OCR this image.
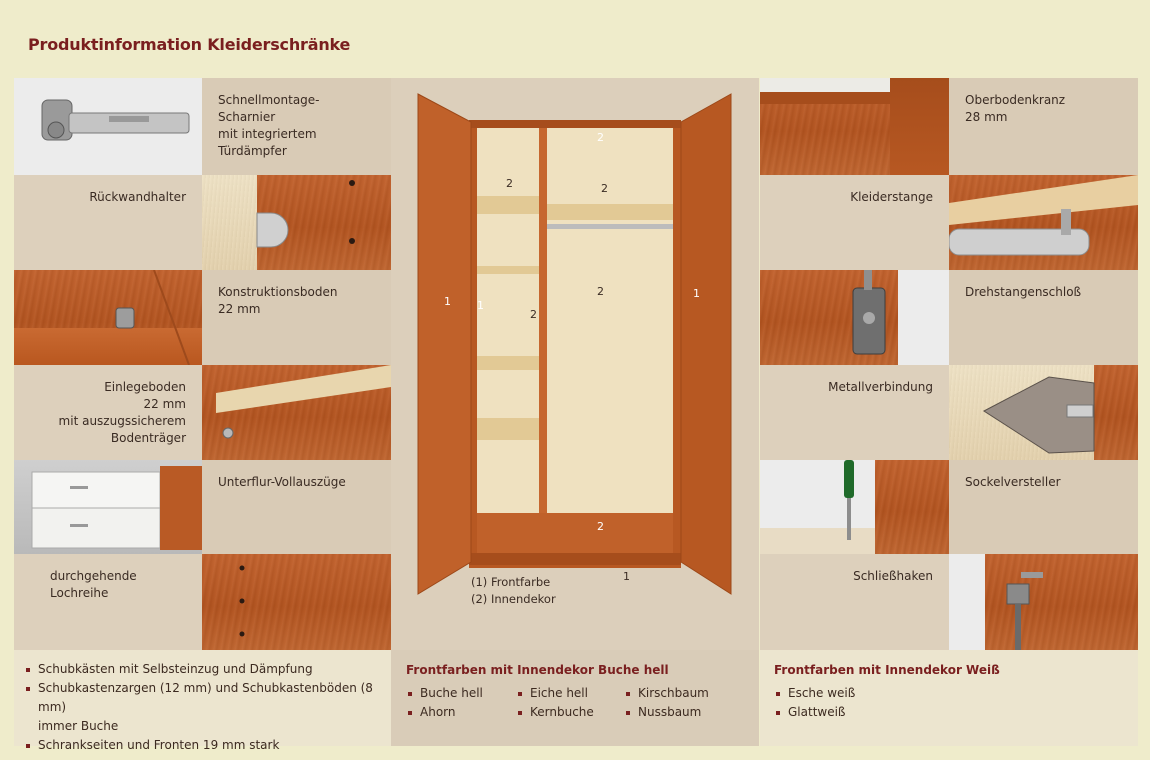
Produktinformation Kleiderschränke
Schnellmontage-Scharnier
mit integriertem Türdämpfer
Rückwandhalter
Konstruktionsboden
22 mm
Einlegeboden
22 mm
mit auszugssicherem
Bodenträger
Unterflur-Vollauszüge
durchgehende Lochreihe
2
2	2
1 1
2
2	1
2
1
(1) Frontfarbe
(2) Innendekor
Oberbodenkranz
28 mm
Kleiderstange
Drehstangenschloß
Metallverbindung
Sockelversteller
Schließhaken
Schubkästen mit Selbsteinzug und Dämpfung
Schubkastenzargen (12 mm) und Schubkastenböden (8 mm)
immer Buche
Schrankseiten und Fronten 19 mm stark
Frontfarben mit Innendekor Buche hell
Buche hell	Eiche hell	Kirschbaum
Ahorn	Kernbuche	Nussbaum
Frontfarben mit Innendekor Weiß
Esche weiß
Glattweiß
